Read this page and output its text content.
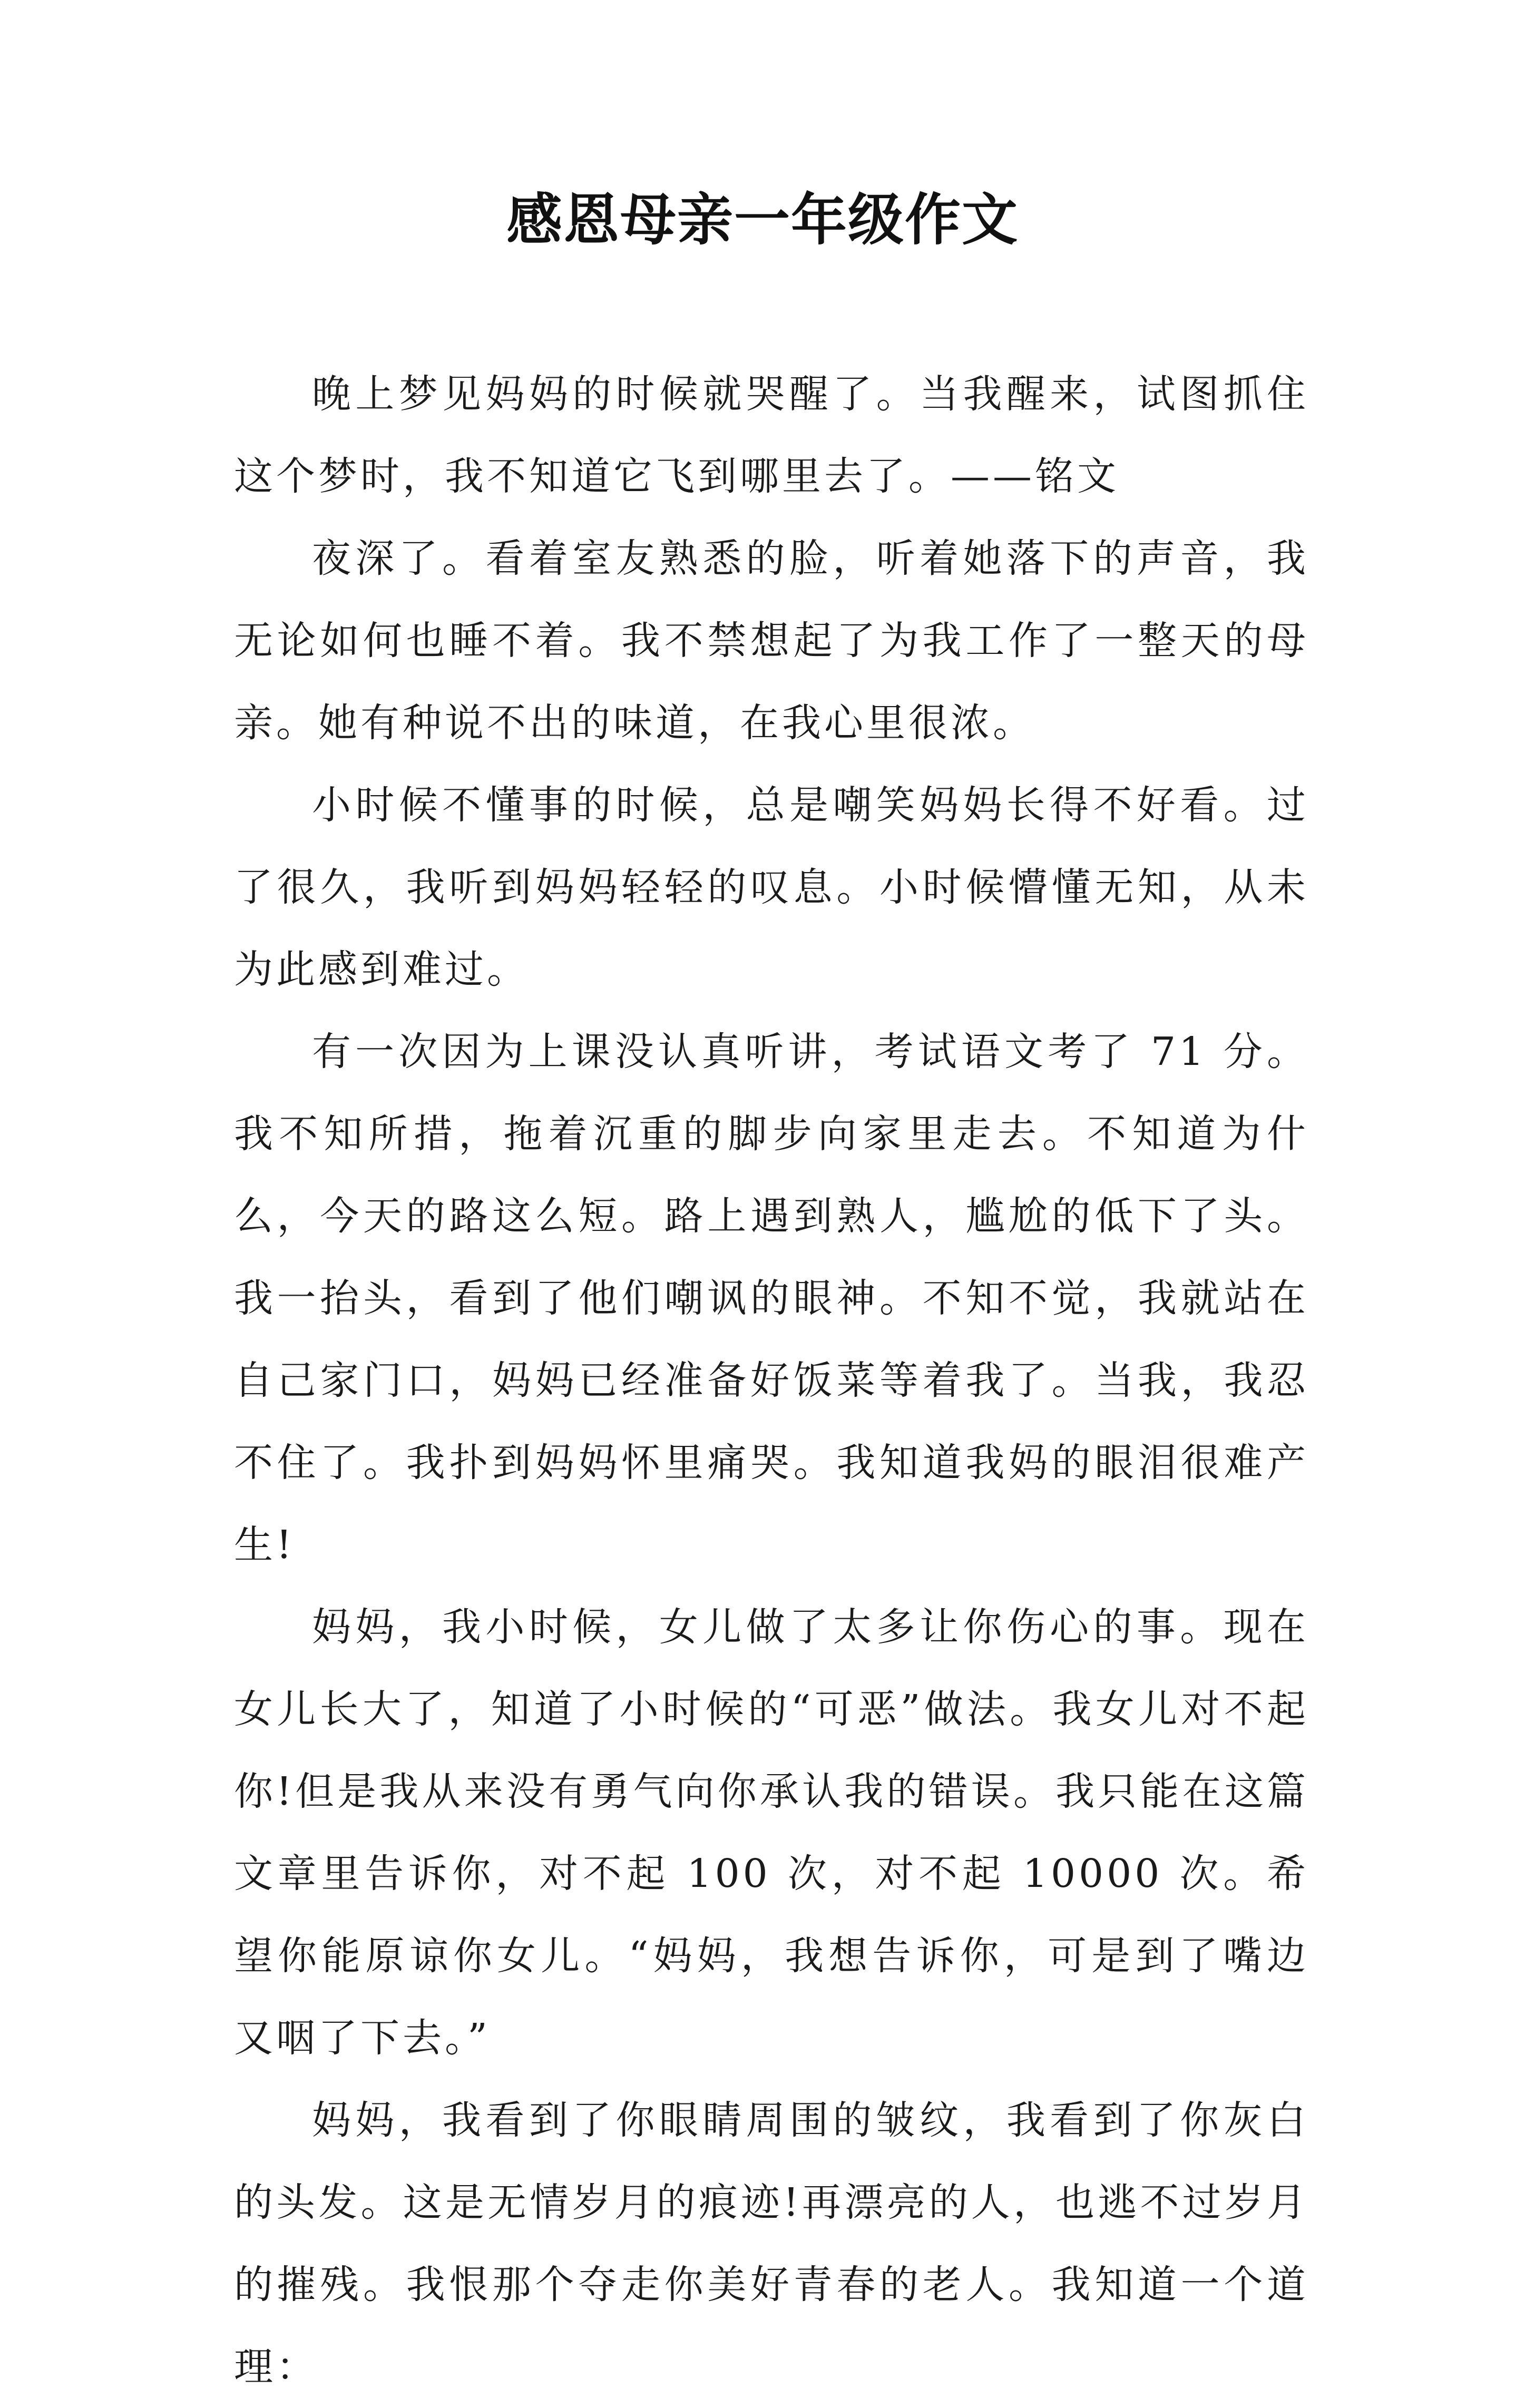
感恩母亲一年级作文

晚上梦见妈妈的时候就哭醒了。当我醒来，试图抓住这个梦时，我不知道它飞到哪里去了。——铭文

夜深了。看着室友熟悉的脸，听着她落下的声音，我无论如何也睡不着。我不禁想起了为我工作了一整天的母亲。她有种说不出的味道，在我心里很浓。

小时候不懂事的时候，总是嘲笑妈妈长得不好看。过了很久，我听到妈妈轻轻的叹息。小时候懵懂无知，从未为此感到难过。

有一次因为上课没认真听讲，考试语文考了 71 分。我不知所措，拖着沉重的脚步向家里走去。不知道为什么，今天的路这么短。路上遇到熟人，尴尬的低下了头。我一抬头，看到了他们嘲讽的眼神。不知不觉，我就站在自己家门口，妈妈已经准备好饭菜等着我了。当我，我忍不住了。我扑到妈妈怀里痛哭。我知道我妈的眼泪很难产生!

妈妈，我小时候，女儿做了太多让你伤心的事。现在女儿长大了，知道了小时候的“可恶”做法。我女儿对不起你!但是我从来没有勇气向你承认我的错误。我只能在这篇文章里告诉你，对不起 100 次，对不起 10000 次。希望你能原谅你女儿。“妈妈，我想告诉你，可是到了嘴边又咽了下去。”

妈妈，我看到了你眼睛周围的皱纹，我看到了你灰白的头发。这是无情岁月的痕迹!再漂亮的人，也逃不过岁月的摧残。我恨那个夺走你美好青春的老人。我知道一个道理：
